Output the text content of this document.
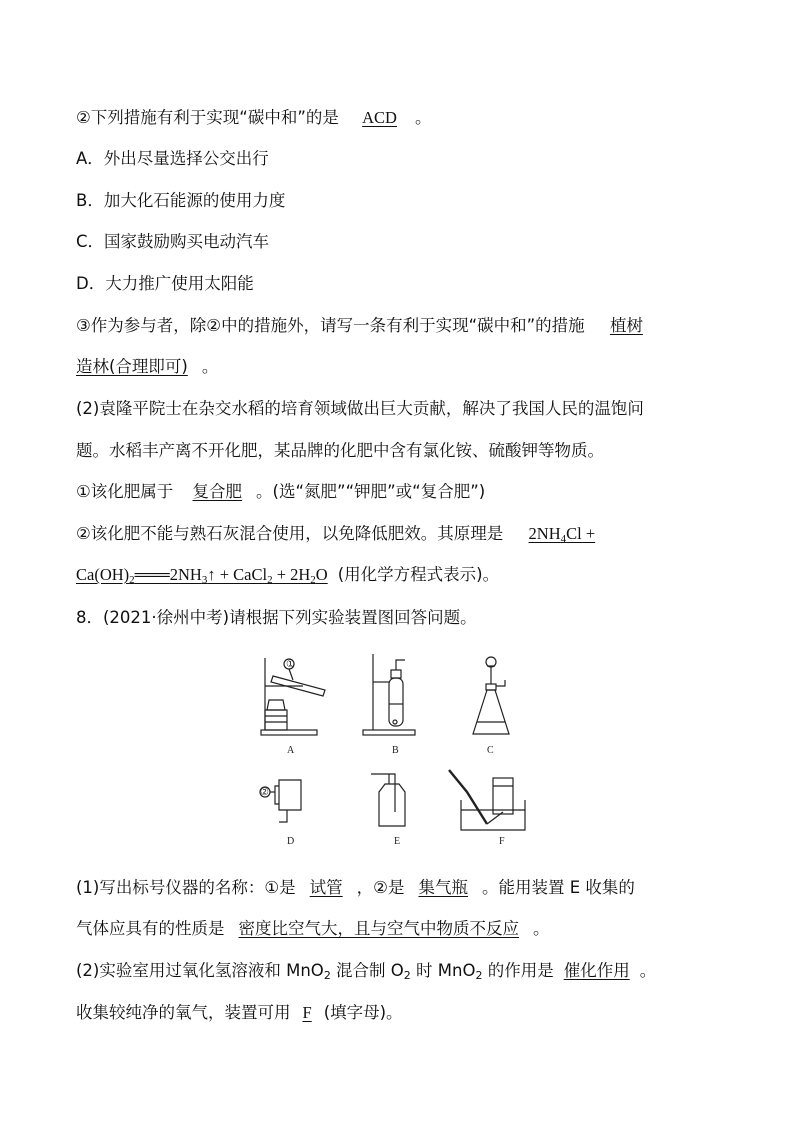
②下列措施有利于实现“碳中和”的是 ACD 。
A．外出尽量选择公交出行
B．加大化石能源的使用力度
C．国家鼓励购买电动汽车
D．大力推广使用太阳能
③作为参与者，除②中的措施外，请写一条有利于实现“碳中和”的措施 植树
造林(合理即可) 。
(2)袁隆平院士在杂交水稻的培育领域做出巨大贡献，解决了我国人民的温饱问
题。水稻丰产离不开化肥，某品牌的化肥中含有氯化铵、硫酸钾等物质。
①该化肥属于 复合肥 。(选“氮肥”“钾肥”或“复合肥”)
②该化肥不能与熟石灰混合使用，以免降低肥效。其原理是 $2NH_4Cl$ +
$Ca(OH)_2═══2NH_3↑$ + CaCl$_2$ + $2H_2O$ (用化学方程式表示)。
8．(2021·徐州中考)请根据下列实验装置图回答问题。
①
A	B	C
②
D	E	F
(1)写出标号仪器的名称：①是 试管 ，②是 集气瓶 。能用装置 E 收集的
气体应具有的性质是 密度比空气大，且与空气中物质不反应 。
(2)实验室用过氧化氢溶液和 MnO$_2$ 混合制 $O_2$ 时 MnO$_2$ 的作用是 催化作用 。
收集较纯净的氧气，装置可用 F (填字母)。
